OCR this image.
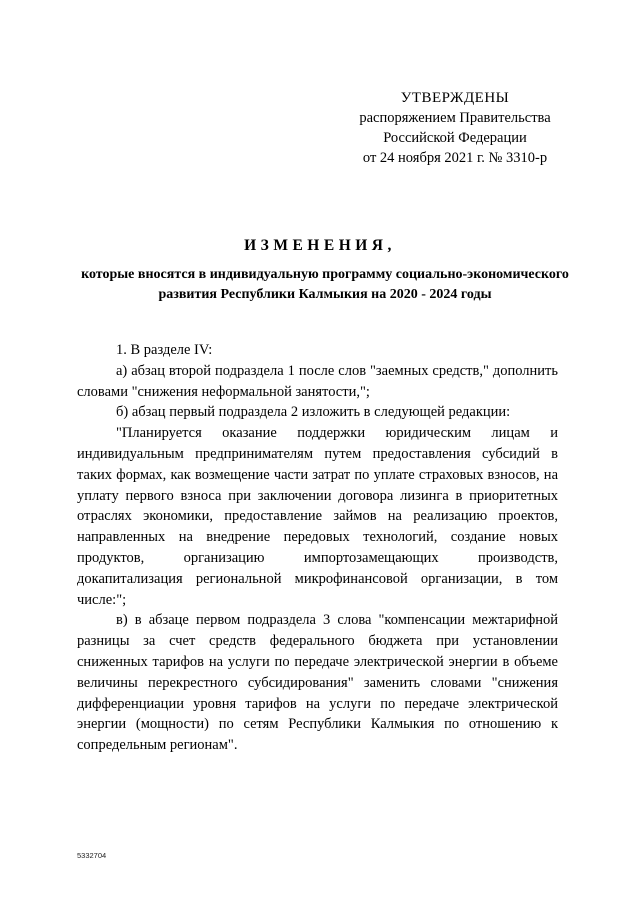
УТВЕРЖДЕНЫ
распоряжением Правительства
Российской Федерации
от 24 ноября 2021 г. № 3310-р
ИЗМЕНЕНИЯ,
которые вносятся в индивидуальную программу социально-экономического развития Республики Калмыкия на 2020 - 2024 годы

1. В разделе IV:

а) абзац второй подраздела 1 после слов "заемных средств," дополнить словами "снижения неформальной занятости,";

б) абзац первый подраздела 2 изложить в следующей редакции:

"Планируется оказание поддержки юридическим лицам и индивидуальным предпринимателям путем предоставления субсидий в таких формах, как возмещение части затрат по уплате страховых взносов, на уплату первого взноса при заключении договора лизинга в приоритетных отраслях экономики, предоставление займов на реализацию проектов, направленных на внедрение передовых технологий, создание новых продуктов, организацию импортозамещающих производств, докапитализация региональной микрофинансовой организации, в том числе:";

в) в абзаце первом подраздела 3 слова "компенсации межтарифной разницы за счет средств федерального бюджета при установлении сниженных тарифов на услуги по передаче электрической энергии в объеме величины перекрестного субсидирования" заменить словами "снижения дифференциации уровня тарифов на услуги по передаче электрической энергии (мощности) по сетям Республики Калмыкия по отношению к сопредельным регионам".

5332704
